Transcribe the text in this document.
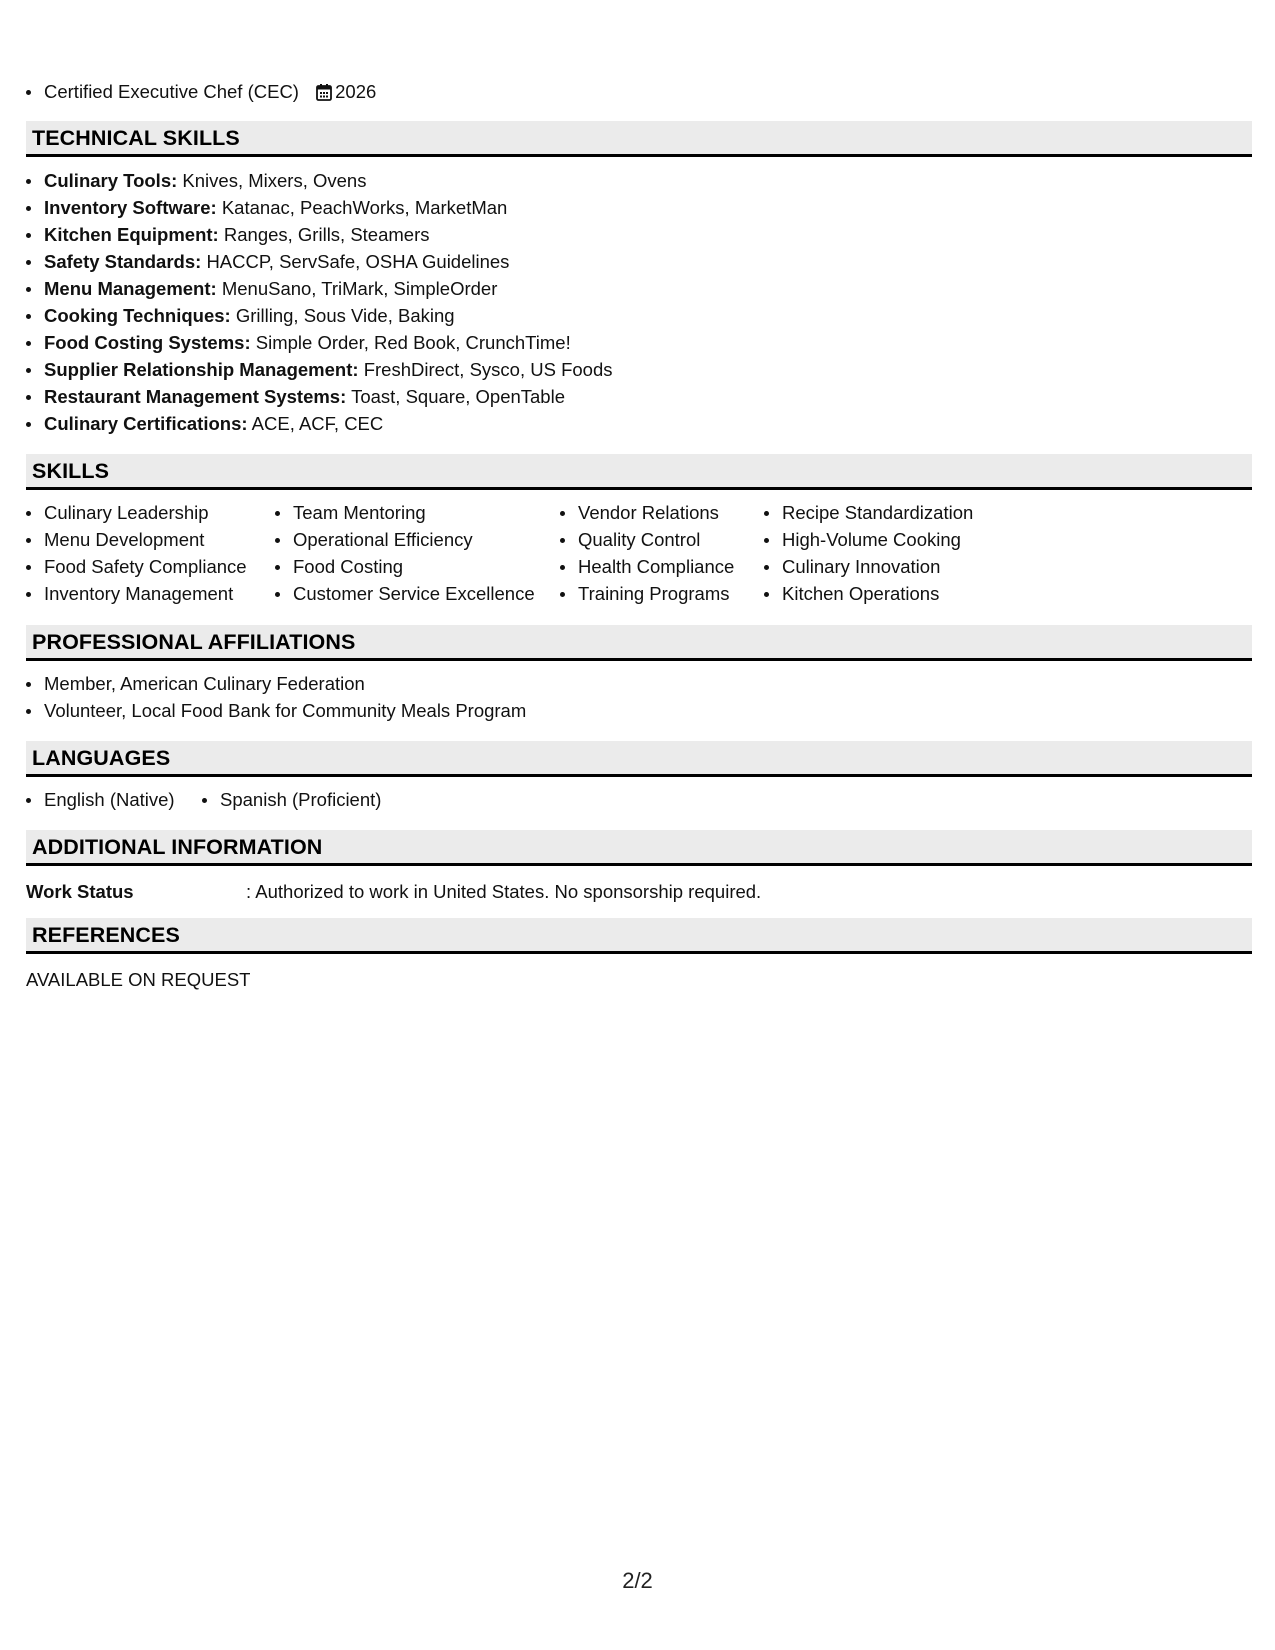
Certified Executive Chef (CEC) 2026
TECHNICAL SKILLS
Culinary Tools: Knives, Mixers, Ovens
Inventory Software: Katanac, PeachWorks, MarketMan
Kitchen Equipment: Ranges, Grills, Steamers
Safety Standards: HACCP, ServSafe, OSHA Guidelines
Menu Management: MenuSano, TriMark, SimpleOrder
Cooking Techniques: Grilling, Sous Vide, Baking
Food Costing Systems: Simple Order, Red Book, CrunchTime!
Supplier Relationship Management: FreshDirect, Sysco, US Foods
Restaurant Management Systems: Toast, Square, OpenTable
Culinary Certifications: ACE, ACF, CEC
SKILLS
Culinary Leadership
Menu Development
Food Safety Compliance
Inventory Management
Team Mentoring
Operational Efficiency
Food Costing
Customer Service Excellence
Vendor Relations
Quality Control
Health Compliance
Training Programs
Recipe Standardization
High-Volume Cooking
Culinary Innovation
Kitchen Operations
PROFESSIONAL AFFILIATIONS
Member, American Culinary Federation
Volunteer, Local Food Bank for Community Meals Program
LANGUAGES
English (Native)	Spanish (Proficient)
ADDITIONAL INFORMATION
Work Status	: Authorized to work in United States. No sponsorship required.
REFERENCES
AVAILABLE ON REQUEST
2/2
